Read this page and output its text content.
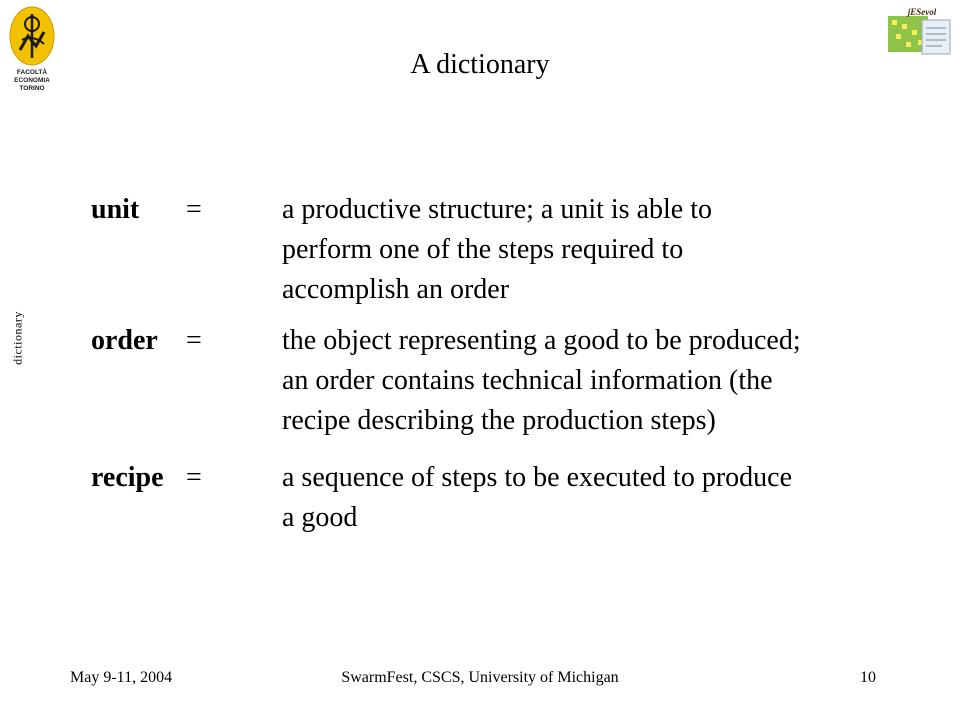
FACOLTÀ
ECONOMIA
TORINO
jESevol
A dictionary
dictionary
unit =	a productive structure; a unit is able to
perform one of the steps required to
accomplish an order
order =	the object representing a good to be produced;
an order contains technical information (the
recipe describing the production steps)
recipe =	a sequence of steps to be executed to produce
a good
May 9-11, 2004	SwarmFest, CSCS, University of Michigan	10
